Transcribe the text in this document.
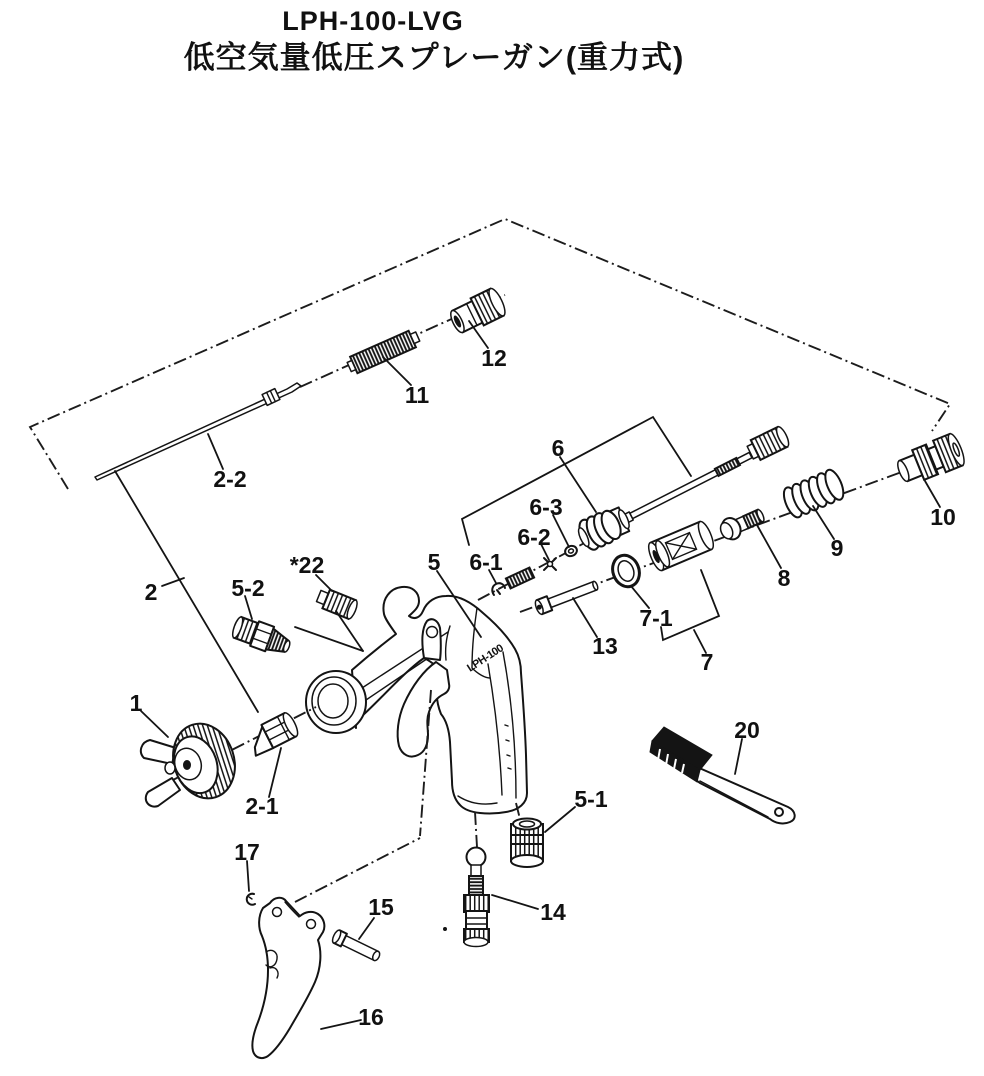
LPH-100-LVG
低空気量低圧スプレーガン(重力式)
LPH-100
1
2
2-1
2-2
5
5-1
5-2
6
6-1
6-2
6-3
7
7-1
8
9
10
11
12
13
14
15
16
17
20
*22
